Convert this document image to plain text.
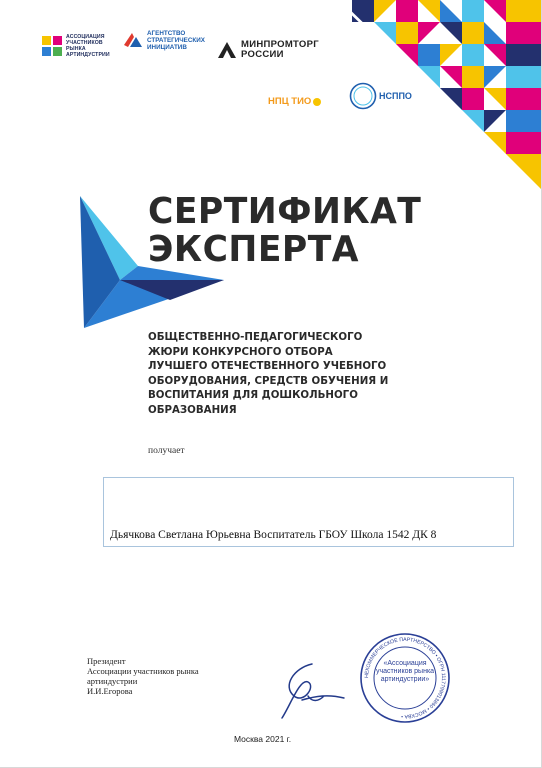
АССОЦИАЦИЯ УЧАСТНИКОВ РЫНКА АРТИНДУСТРИИ
АГЕНТСТВО СТРАТЕГИЧЕСКИХ ИНИЦИАТИВ	МИНПРОМТОРГ РОССИИ
НПЦ ТИО	НСППО
СЕРТИФИКАТ
ЭКСПЕРТА
ОБЩЕСТВЕННО-ПЕДАГОГИЧЕСКОГО ЖЮРИ КОНКУРСНОГО ОТБОРА ЛУЧШЕГО ОТЕЧЕСТВЕННОГО УЧЕБНОГО ОБОРУДОВАНИЯ, СРЕДСТВ ОБУЧЕНИЯ И ВОСПИТАНИЯ ДЛЯ ДОШКОЛЬНОГО ОБРАЗОВАНИЯ
получает
Дьячкова Светлана Юрьевна Воспитатель ГБОУ Школа 1542 ДК 8
Президент
Ассоциации участников рынка
артиндустрии
И.И.Егорова
НЕКОММЕРЧЕСКОЕ ПАРТНЕРСТВО • ОГРН 1117799013860 • МОСКВА •
«Ассоциация участников рынка артиндустрии»
Москва 2021 г.
